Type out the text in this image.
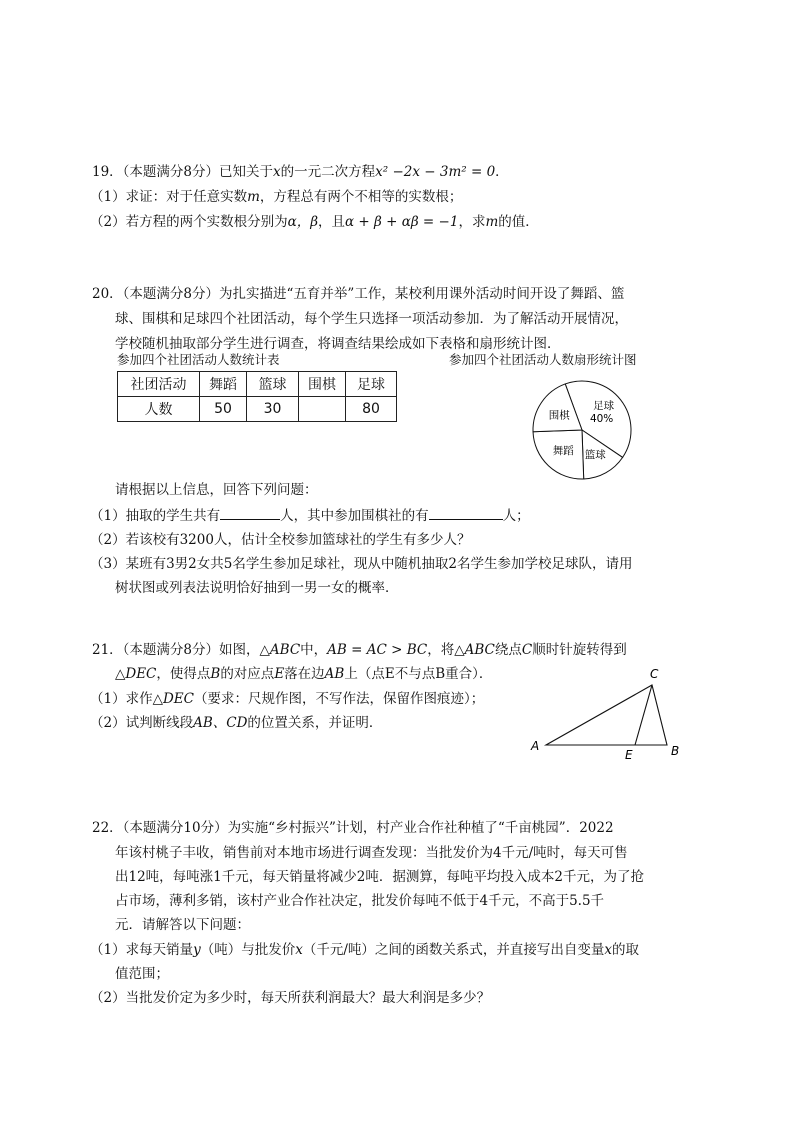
19．（本题满分8分）已知关于x的一元二次方程x² −2x − 3m² = 0．
（1）求证：对于任意实数m，方程总有两个不相等的实数根；
（2）若方程的两个实数根分别为α，β，且α + β + αβ = −1，求m的值．
20．（本题满分8分）为扎实描进“五育并举”工作，某校利用课外活动时间开设了舞蹈、篮
球、围棋和足球四个社团活动，每个学生只选择一项活动参加．为了解活动开展情况，
学校随机抽取部分学生进行调查，将调查结果绘成如下表格和扇形统计图．
参加四个社团活动人数统计表	参加四个社团活动人数扇形统计图
社团活动	舞蹈	篮球	围棋	足球
人数	50	30		80	足球
40%
篮球
舞蹈
围棋
请根据以上信息，回答下列问题：
（1）抽取的学生共有	人，其中参加围棋社的有	人；
（2）若该校有3200人，估计全校参加篮球社的学生有多少人？
（3）某班有3男2女共5名学生参加足球社，现从中随机抽取2名学生参加学校足球队，请用
树状图或列表法说明恰好抽到一男一女的概率．
21．（本题满分8分）如图，△ABC中，AB = AC > BC，将△ABC绕点C顺时针旋转得到
△DEC，使得点B的对应点E落在边AB上（点E不与点B重合）．
（1）求作△DEC（要求：尺规作图，不写作法，保留作图痕迹）；
（2）试判断线段AB、CD的位置关系，并证明．
A	B
C
E
22．（本题满分10分）为实施“乡村振兴”计划，村产业合作社种植了“千亩桃园”．2022
年该村桃子丰收，销售前对本地市场进行调查发现：当批发价为4千元/吨时，每天可售
出12吨，每吨涨1千元，每天销量将减少2吨．据测算，每吨平均投入成本2千元，为了抢
占市场，薄利多销，该村产业合作社决定，批发价每吨不低于4千元，不高于5.5千
元．请解答以下问题：
（1）求每天销量y（吨）与批发价x（千元/吨）之间的函数关系式，并直接写出自变量x的取
值范围；
（2）当批发价定为多少时，每天所获利润最大？最大利润是多少？
